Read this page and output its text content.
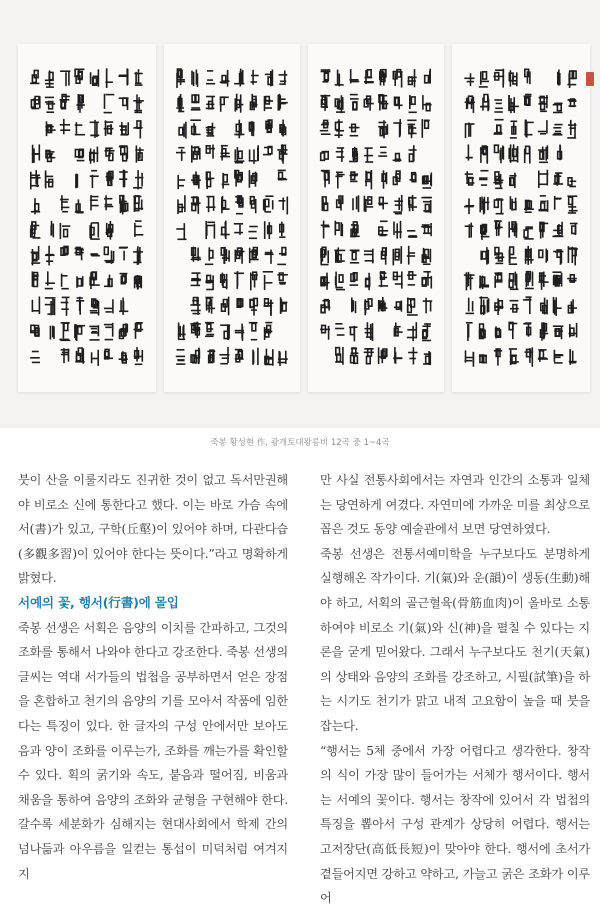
죽봉 황성현 作, 광개토대왕릉비 12곡 중 1~4곡

붓이 산을 이룰지라도 진귀한 것이 없고 독서만권해야 비로소 신에 통한다고 했다. 이는 바로 가슴 속에 서(書)가 있고, 구학(丘壑)이 있어야 하며, 다관다습(多觀多習)이 있어야 한다는 뜻이다.”라고 명확하게 밝혔다.

서예의 꽃, 행서(行書)에 몰입

죽봉 선생은 서획은 음양의 이치를 간파하고, 그것의 조화를 통해서 나와야 한다고 강조한다. 죽봉 선생의 글씨는 역대 서가들의 법첩을 공부하면서 얻은 장점을 혼합하고 천기의 음양의 기를 모아서 작품에 임한다는 특징이 있다. 한 글자의 구성 안에서만 보아도 음과 양이 조화를 이루는가, 조화를 깨는가를 확인할 수 있다. 획의 굵기와 속도, 붙음과 떨어짐, 비움과 채움을 통하여 음양의 조화와 균형을 구현해야 한다. 갈수록 세분화가 심해지는 현대사회에서 학제 간의 넘나듦과 아우름을 일컫는 통섭이 미덕처럼 여겨지지

만 사실 전통사회에서는 자연과 인간의 소통과 일체는 당연하게 여겼다. 자연미에 가까운 미를 최상으로 꼽은 것도 동양 예술관에서 보면 당연하였다.

죽봉 선생은 전통서예미학을 누구보다도 분명하게 실행해온 작가이다. 기(氣)와 운(韻)이 생동(生動)해야 하고, 서획의 골근혈육(骨筋血肉)이 올바로 소통하여야 비로소 기(氣)와 신(神)을 펼칠 수 있다는 지론을 굳게 믿어왔다. 그래서 누구보다도 천기(天氣)의 상태와 음양의 조화를 강조하고, 시필(試筆)을 하는 시기도 천기가 맑고 내적 고요함이 높을 때 붓을 잡는다.

“행서는 5체 중에서 가장 어렵다고 생각한다. 창작의 식이 가장 많이 들어가는 서체가 행서이다. 행서는 서예의 꽃이다. 행서는 창작에 있어서 각 법첩의 특징을 뽑아서 구성 관계가 상당히 어렵다. 행서는 고저장단(高低長短)이 맞아야 한다. 행서에 초서가 곁들어지면 강하고 약하고, 가늘고 굵은 조화가 이루어
